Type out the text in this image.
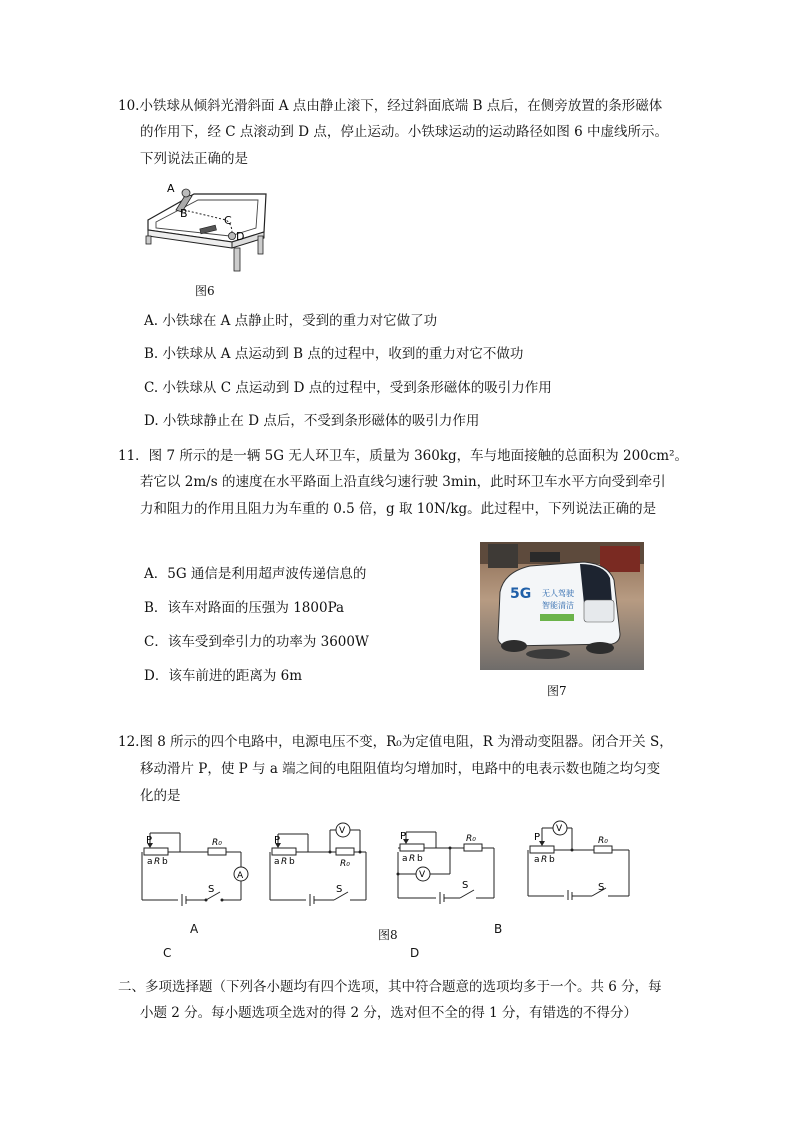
10.小铁球从倾斜光滑斜面 A 点由静止滚下，经过斜面底端 B 点后，在侧旁放置的条形磁体
的作用下，经 C 点滚动到 D 点，停止运动。小铁球运动的运动路径如图 6 中虚线所示。
下列说法正确的是
A
B
C
D
图6
A. 小铁球在 A 点静止时，受到的重力对它做了功
B. 小铁球从 A 点运动到 B 点的过程中，收到的重力对它不做功
C. 小铁球从 C 点运动到 D 点的过程中，受到条形磁体的吸引力作用
D. 小铁球静止在 D 点后，不受到条形磁体的吸引力作用
11．图 7 所示的是一辆 5G 无人环卫车，质量为 360kg，车与地面接触的总面积为 200cm²。
若它以 2m/s 的速度在水平路面上沿直线匀速行驶 3min，此时环卫车水平方向受到牵引
力和阻力的作用且阻力为车重的 0.5 倍，g 取 10N/kg。此过程中，下列说法正确的是
A．5G 通信是利用超声波传递信息的
B．该车对路面的压强为 1800Pa
C．该车受到牵引力的功率为 3600W
D．该车前进的距离为 6m
5G 无人驾驶
智能清洁
图7
12.图 8 所示的四个电路中，电源电压不变，R₀为定值电阻，R 为滑动变阻器。闭合开关 S，
移动滑片 P，使 P 与 a 端之间的电阻阻值均匀增加时，电路中的电表示数也随之均匀变
化的是
P
a R b
R₀
A
S
P
a R b	R₀
V
S
P
a R b
R₀
V
S
P
a R b
R₀
V
S
A	B
C	D
图8
二、多项选择题（下列各小题均有四个选项，其中符合题意的选项均多于一个。共 6 分，每
小题 2 分。每小题选项全选对的得 2 分，选对但不全的得 1 分，有错选的不得分）
